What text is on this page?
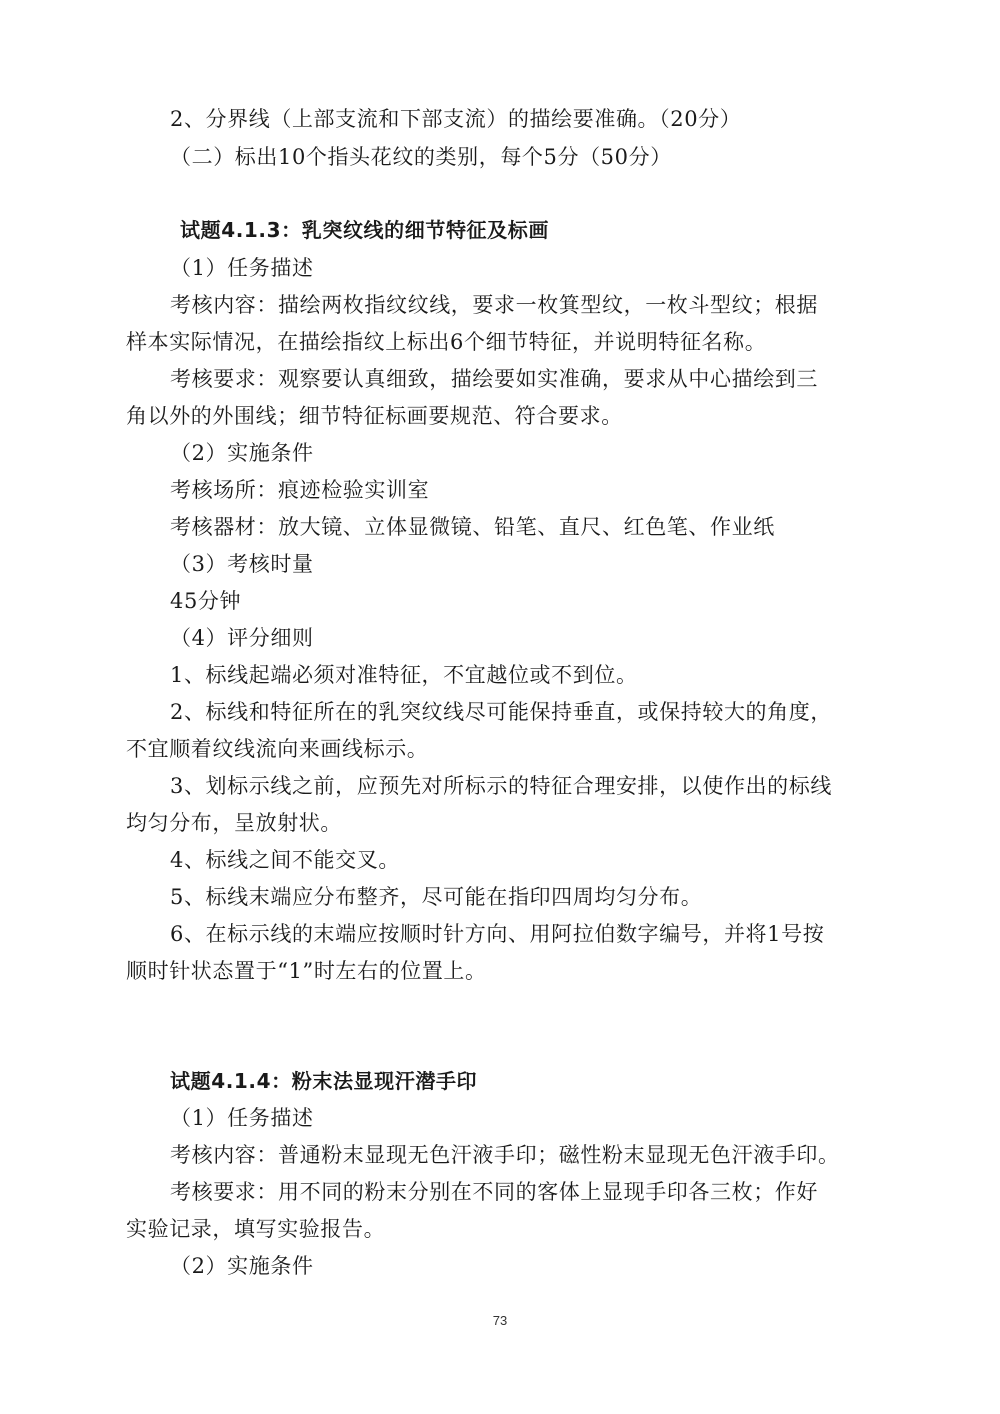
2、分界线（上部支流和下部支流）的描绘要准确。（20分）
（二）标出10个指头花纹的类别，每个5分（50分）
试题4.1.3：乳突纹线的细节特征及标画
（1）任务描述
考核内容：描绘两枚指纹纹线，要求一枚箕型纹，一枚斗型纹；根据
样本实际情况，在描绘指纹上标出6个细节特征，并说明特征名称。
考核要求：观察要认真细致，描绘要如实准确，要求从中心描绘到三
角以外的外围线；细节特征标画要规范、符合要求。
（2）实施条件
考核场所：痕迹检验实训室
考核器材：放大镜、立体显微镜、铅笔、直尺、红色笔、作业纸
（3）考核时量
45分钟
（4）评分细则
1、标线起端必须对准特征，不宜越位或不到位。
2、标线和特征所在的乳突纹线尽可能保持垂直，或保持较大的角度，
不宜顺着纹线流向来画线标示。
3、划标示线之前，应预先对所标示的特征合理安排，以使作出的标线
均匀分布，呈放射状。
4、标线之间不能交叉。
5、标线末端应分布整齐，尽可能在指印四周均匀分布。
6、在标示线的末端应按顺时针方向、用阿拉伯数字编号，并将1号按
顺时针状态置于“1”时左右的位置上。
试题4.1.4：粉末法显现汗潜手印
（1）任务描述
考核内容：普通粉末显现无色汗液手印；磁性粉末显现无色汗液手印。
考核要求：用不同的粉末分别在不同的客体上显现手印各三枚；作好
实验记录，填写实验报告。
（2）实施条件
73
